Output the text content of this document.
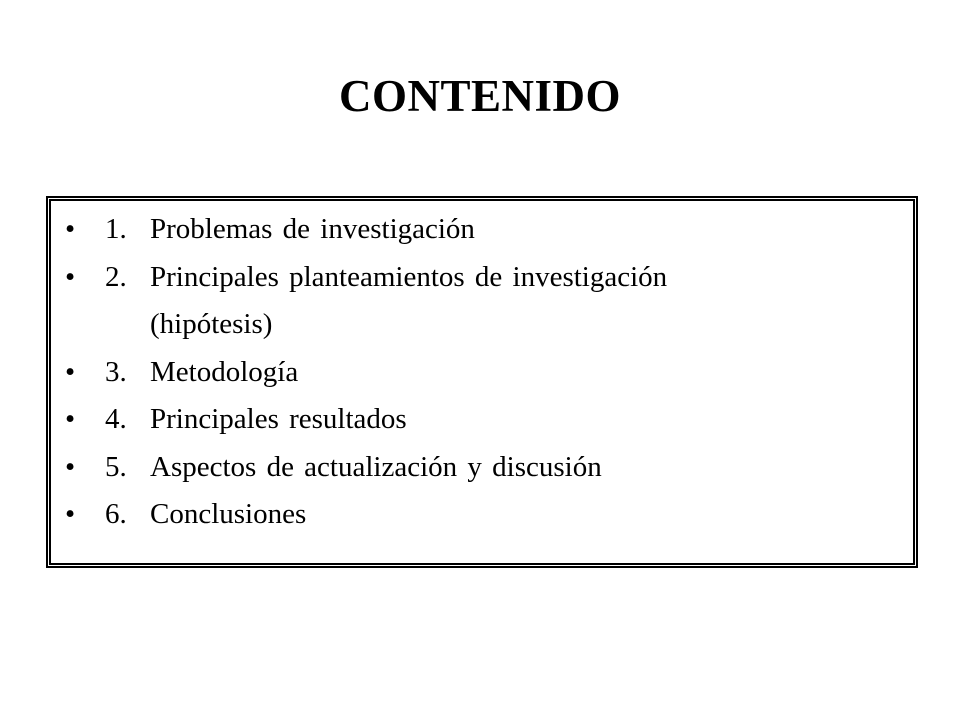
CONTENIDO
•	1. Problemas de investigación
•	2. Principales planteamientos de investigación
(hipótesis)
•	3. Metodología
•	4. Principales resultados
•	5. Aspectos de actualización y discusión
•	6. Conclusiones
